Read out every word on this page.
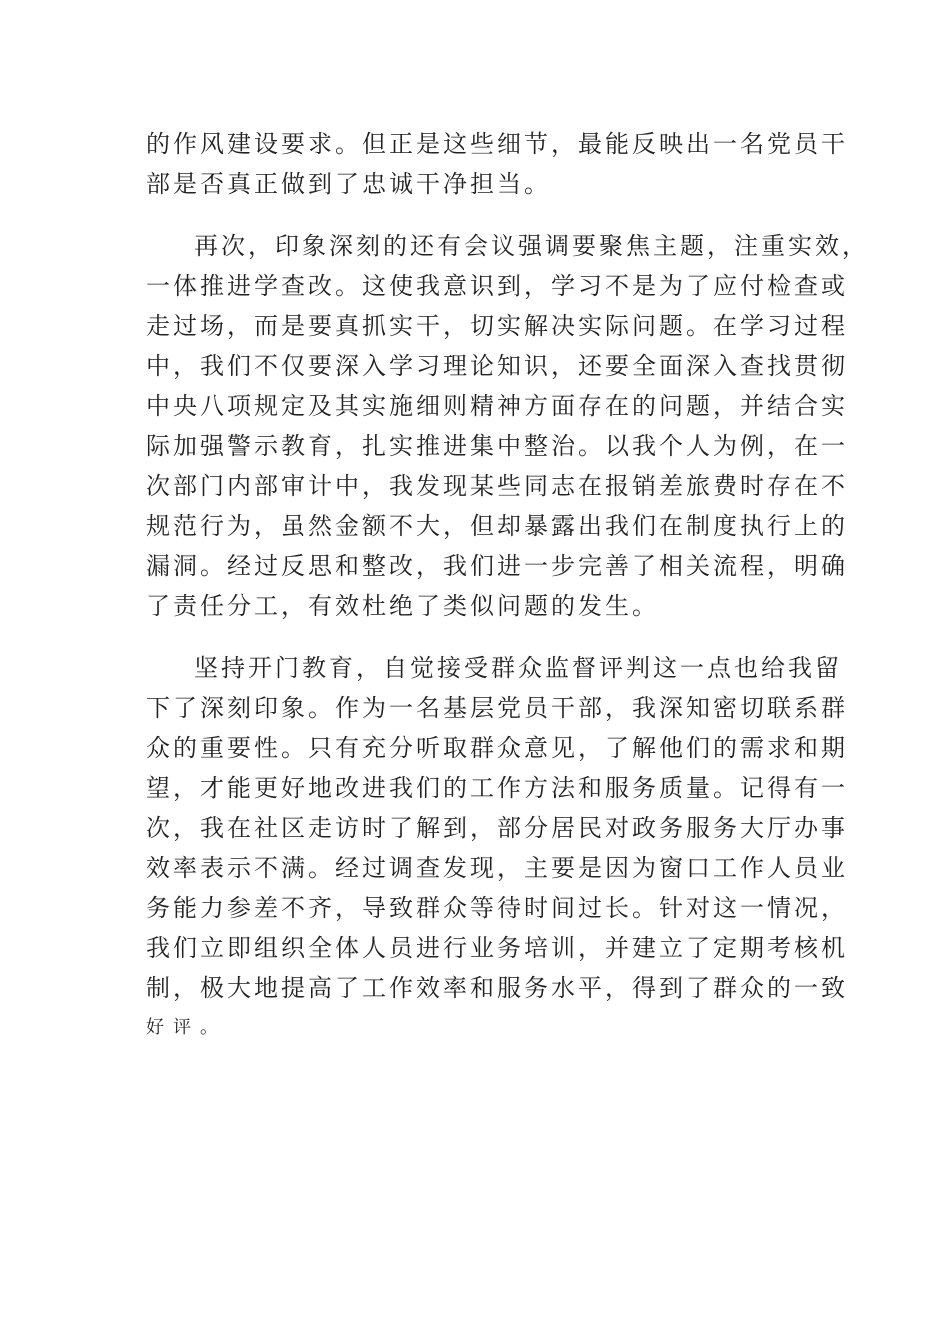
的作风建设要求。但正是这些细节，最能反映出一名党员干
部是否真正做到了忠诚干净担当。
再次，印象深刻的还有会议强调要聚焦主题，注重实效，
一体推进学查改。这使我意识到，学习不是为了应付检查或
走过场，而是要真抓实干，切实解决实际问题。在学习过程
中，我们不仅要深入学习理论知识，还要全面深入查找贯彻
中央八项规定及其实施细则精神方面存在的问题，并结合实
际加强警示教育，扎实推进集中整治。以我个人为例，在一
次部门内部审计中，我发现某些同志在报销差旅费时存在不
规范行为，虽然金额不大，但却暴露出我们在制度执行上的
漏洞。经过反思和整改，我们进一步完善了相关流程，明确
了责任分工，有效杜绝了类似问题的发生。
坚持开门教育，自觉接受群众监督评判这一点也给我留
下了深刻印象。作为一名基层党员干部，我深知密切联系群
众的重要性。只有充分听取群众意见，了解他们的需求和期
望，才能更好地改进我们的工作方法和服务质量。记得有一
次，我在社区走访时了解到，部分居民对政务服务大厅办事
效率表示不满。经过调查发现，主要是因为窗口工作人员业
务能力参差不齐，导致群众等待时间过长。针对这一情况，
我们立即组织全体人员进行业务培训，并建立了定期考核机
制，极大地提高了工作效率和服务水平，得到了群众的一致
好评。
